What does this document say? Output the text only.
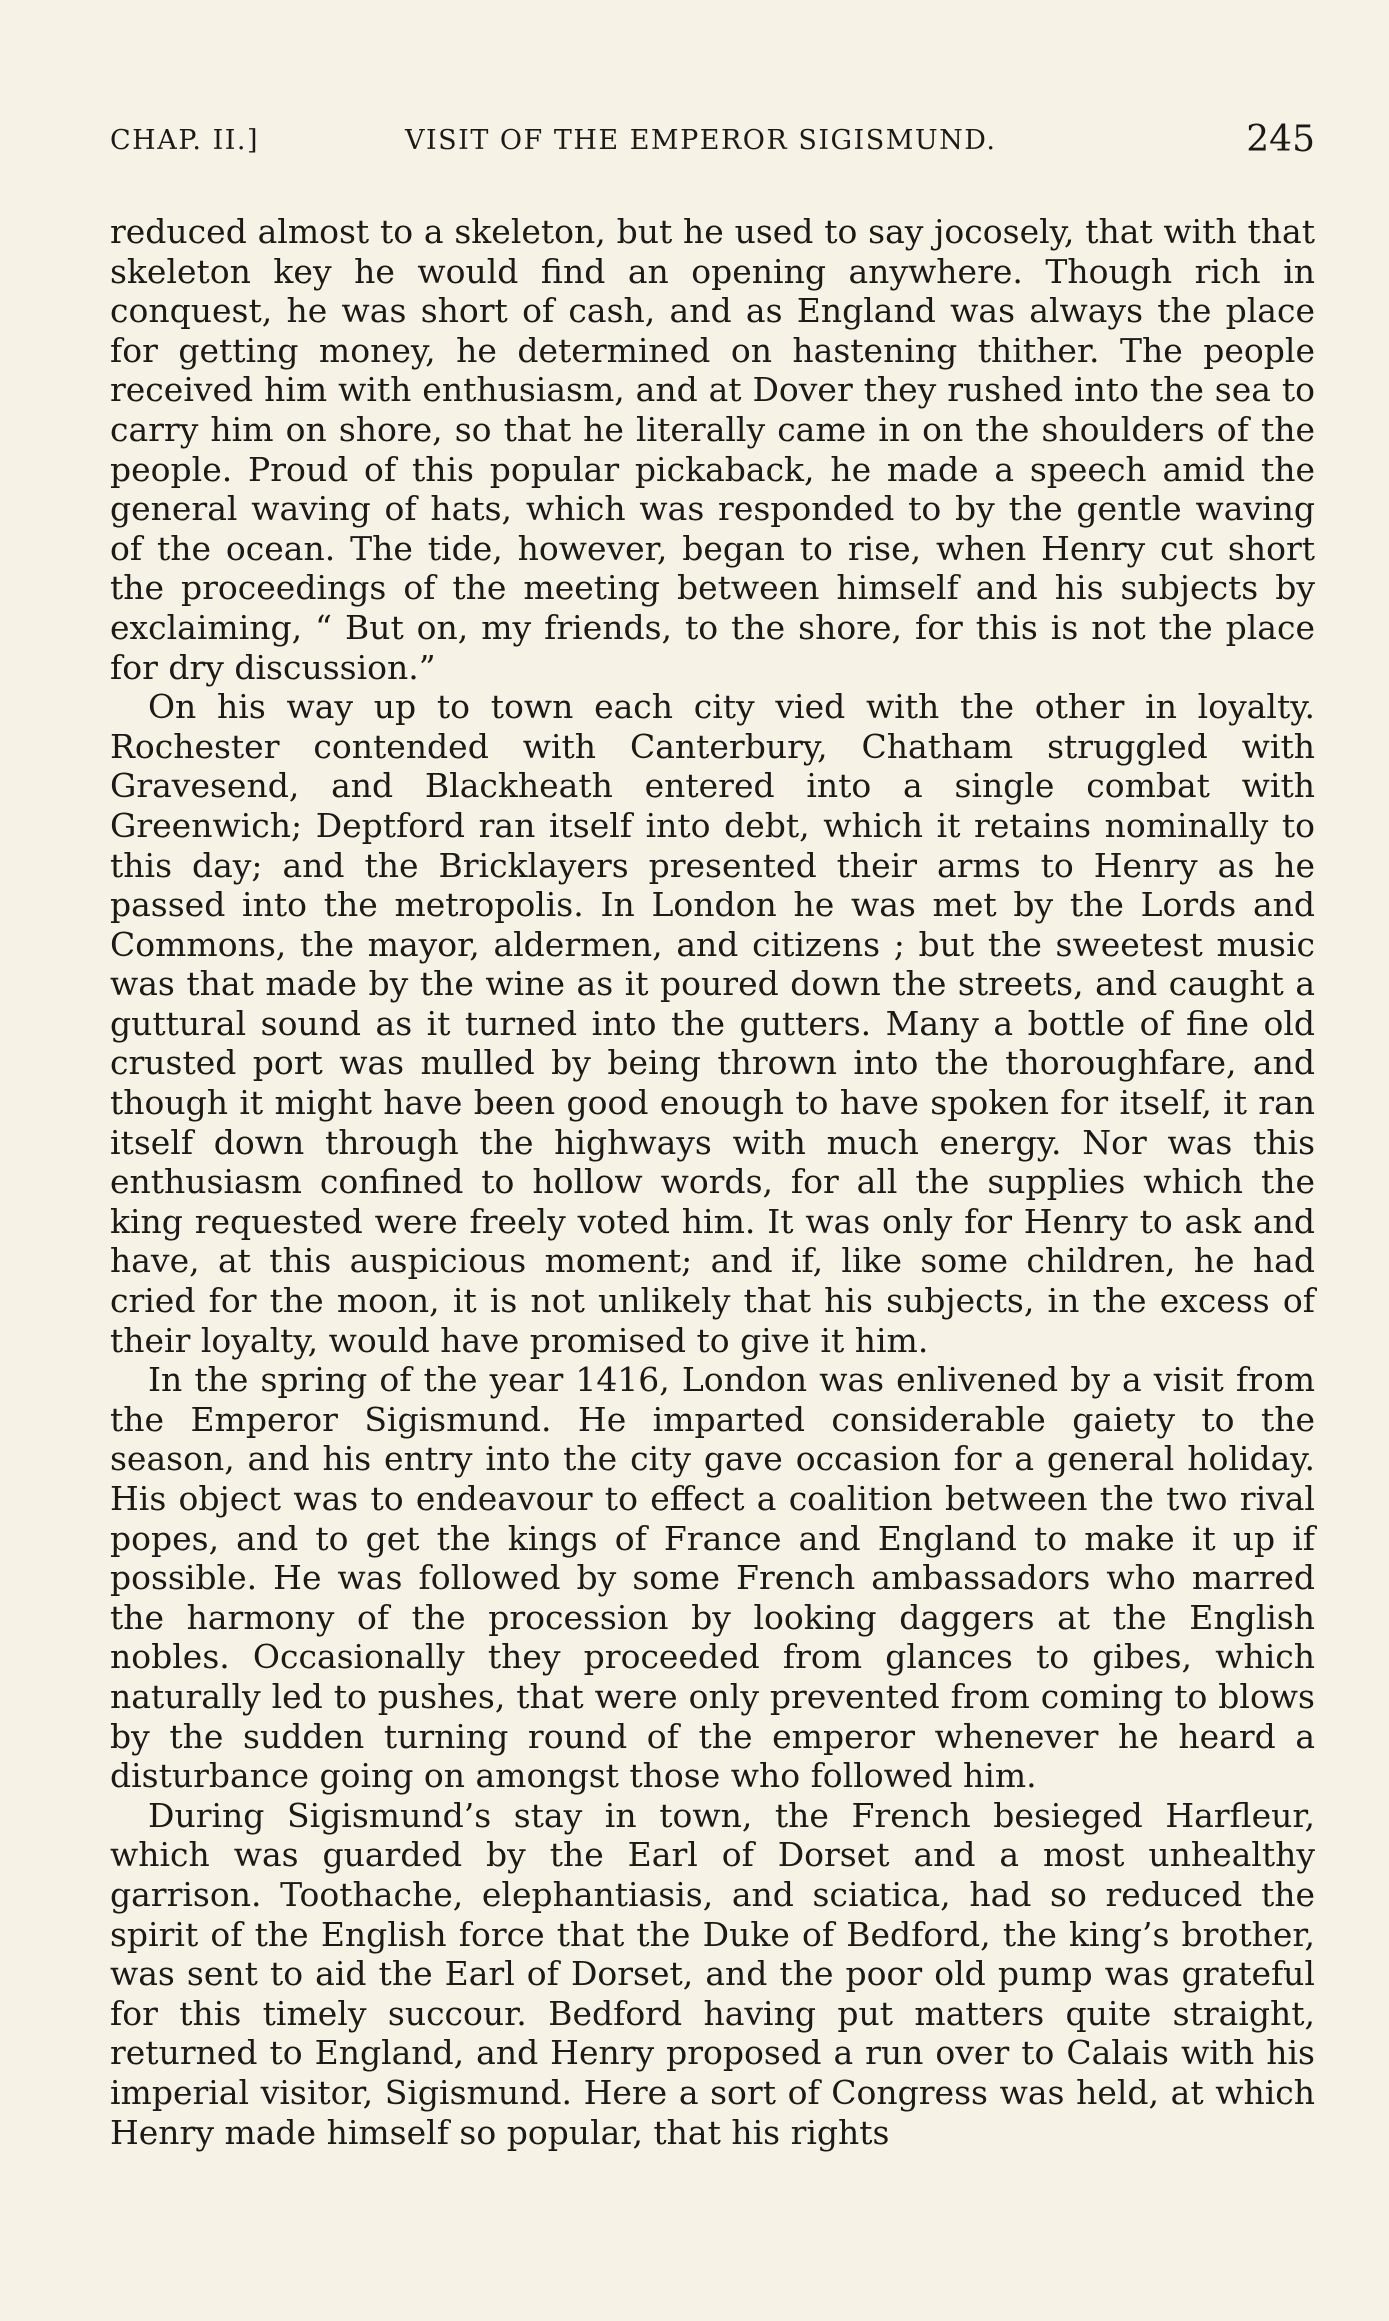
CHAP. II.]	VISIT OF THE EMPEROR SIGISMUND.	245

reduced almost to a skeleton, but he used to say jocosely, that with that skeleton key he would find an opening anywhere. Though rich in conquest, he was short of cash, and as England was always the place for getting money, he determined on hastening thither. The people received him with enthusiasm, and at Dover they rushed into the sea to carry him on shore, so that he literally came in on the shoulders of the people. Proud of this popular pickaback, he made a speech amid the general waving of hats, which was responded to by the gentle waving of the ocean. The tide, however, began to rise, when Henry cut short the proceedings of the meeting between himself and his subjects by exclaiming, “ But on, my friends, to the shore, for this is not the place for dry discussion.”

On his way up to town each city vied with the other in loyalty. Rochester contended with Canterbury, Chatham struggled with Gravesend, and Blackheath entered into a single combat with Greenwich; Deptford ran itself into debt, which it retains nominally to this day; and the Bricklayers presented their arms to Henry as he passed into the metropolis. In London he was met by the Lords and Commons, the mayor, aldermen, and citizens ; but the sweetest music was that made by the wine as it poured down the streets, and caught a guttural sound as it turned into the gutters. Many a bottle of fine old crusted port was mulled by being thrown into the thoroughfare, and though it might have been good enough to have spoken for itself, it ran itself down through the highways with much energy. Nor was this enthusiasm confined to hollow words, for all the supplies which the king requested were freely voted him. It was only for Henry to ask and have, at this auspicious moment; and if, like some children, he had cried for the moon, it is not unlikely that his subjects, in the excess of their loyalty, would have promised to give it him.

In the spring of the year 1416, London was enlivened by a visit from the Emperor Sigismund. He imparted considerable gaiety to the season, and his entry into the city gave occasion for a general holiday. His object was to endeavour to effect a coalition between the two rival popes, and to get the kings of France and England to make it up if possible. He was followed by some French ambassadors who marred the harmony of the procession by looking daggers at the English nobles. Occasionally they proceeded from glances to gibes, which naturally led to pushes, that were only prevented from coming to blows by the sudden turning round of the emperor whenever he heard a disturbance going on amongst those who followed him.

During Sigismund’s stay in town, the French besieged Harfleur, which was guarded by the Earl of Dorset and a most unhealthy garrison. Toothache, elephantiasis, and sciatica, had so reduced the spirit of the English force that the Duke of Bedford, the king’s brother, was sent to aid the Earl of Dorset, and the poor old pump was grateful for this timely succour. Bedford having put matters quite straight, returned to England, and Henry proposed a run over to Calais with his imperial visitor, Sigismund. Here a sort of Congress was held, at which Henry made himself so popular, that his rights
